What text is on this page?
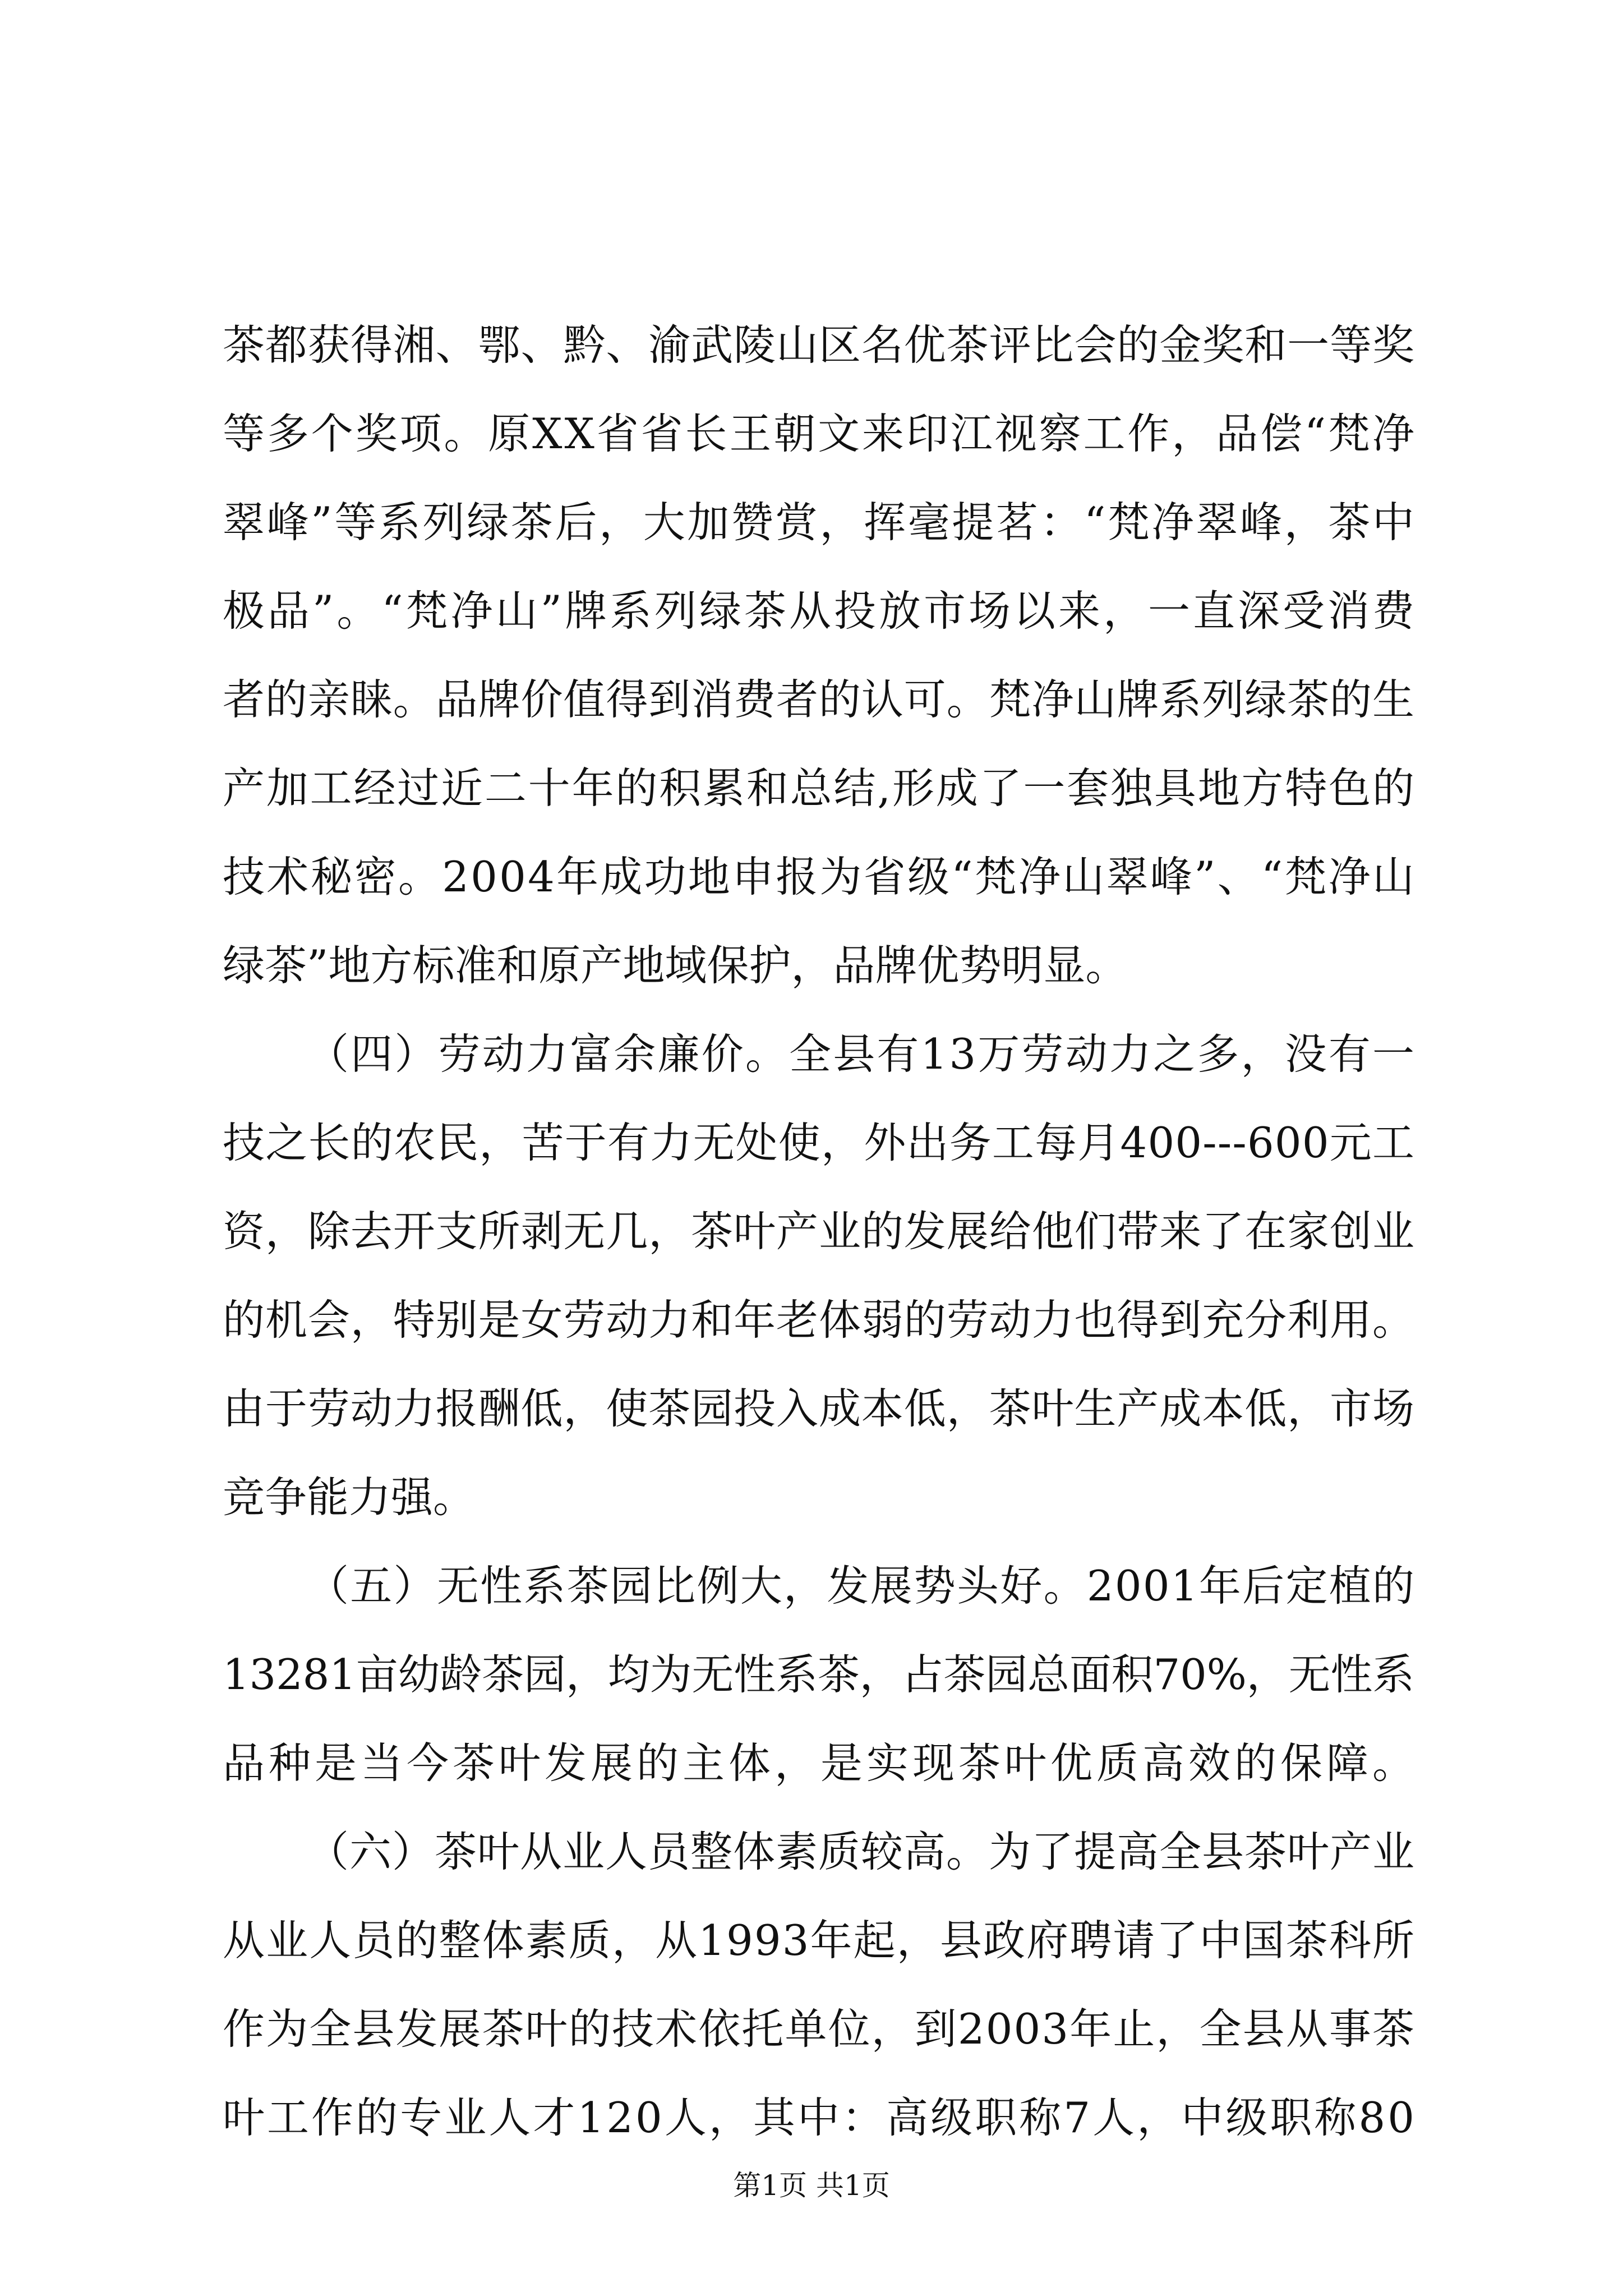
茶都获得湘、鄂、黔、渝武陵山区名优茶评比会的金奖和一等奖
等多个奖项。原XX省省长王朝文来印江视察工作，品偿“梵净
翠峰”等系列绿茶后，大加赞赏，挥毫提茗：“梵净翠峰，茶中
极品”。“梵净山”牌系列绿茶从投放市场以来，一直深受消费
者的亲睐。品牌价值得到消费者的认可。梵净山牌系列绿茶的生
产加工经过近二十年的积累和总结,形成了一套独具地方特色的
技术秘密。2004年成功地申报为省级“梵净山翠峰”、“梵净山
绿茶”地方标准和原产地域保护，品牌优势明显。
（四）劳动力富余廉价。全县有13万劳动力之多，没有一
技之长的农民，苦于有力无处使，外出务工每月400---600元工
资，除去开支所剥无几，茶叶产业的发展给他们带来了在家创业
的机会，特别是女劳动力和年老体弱的劳动力也得到充分利用。
由于劳动力报酬低，使茶园投入成本低，茶叶生产成本低，市场
竞争能力强。
（五）无性系茶园比例大，发展势头好。2001年后定植的
13281亩幼龄茶园，均为无性系茶，占茶园总面积70%，无性系
品种是当今茶叶发展的主体，是实现茶叶优质高效的保障。
（六）茶叶从业人员整体素质较高。为了提高全县茶叶产业
从业人员的整体素质，从1993年起，县政府聘请了中国茶科所
作为全县发展茶叶的技术依托单位，到2003年止，全县从事茶
叶工作的专业人才120人，其中：高级职称7人，中级职称80
第1页 共1页
